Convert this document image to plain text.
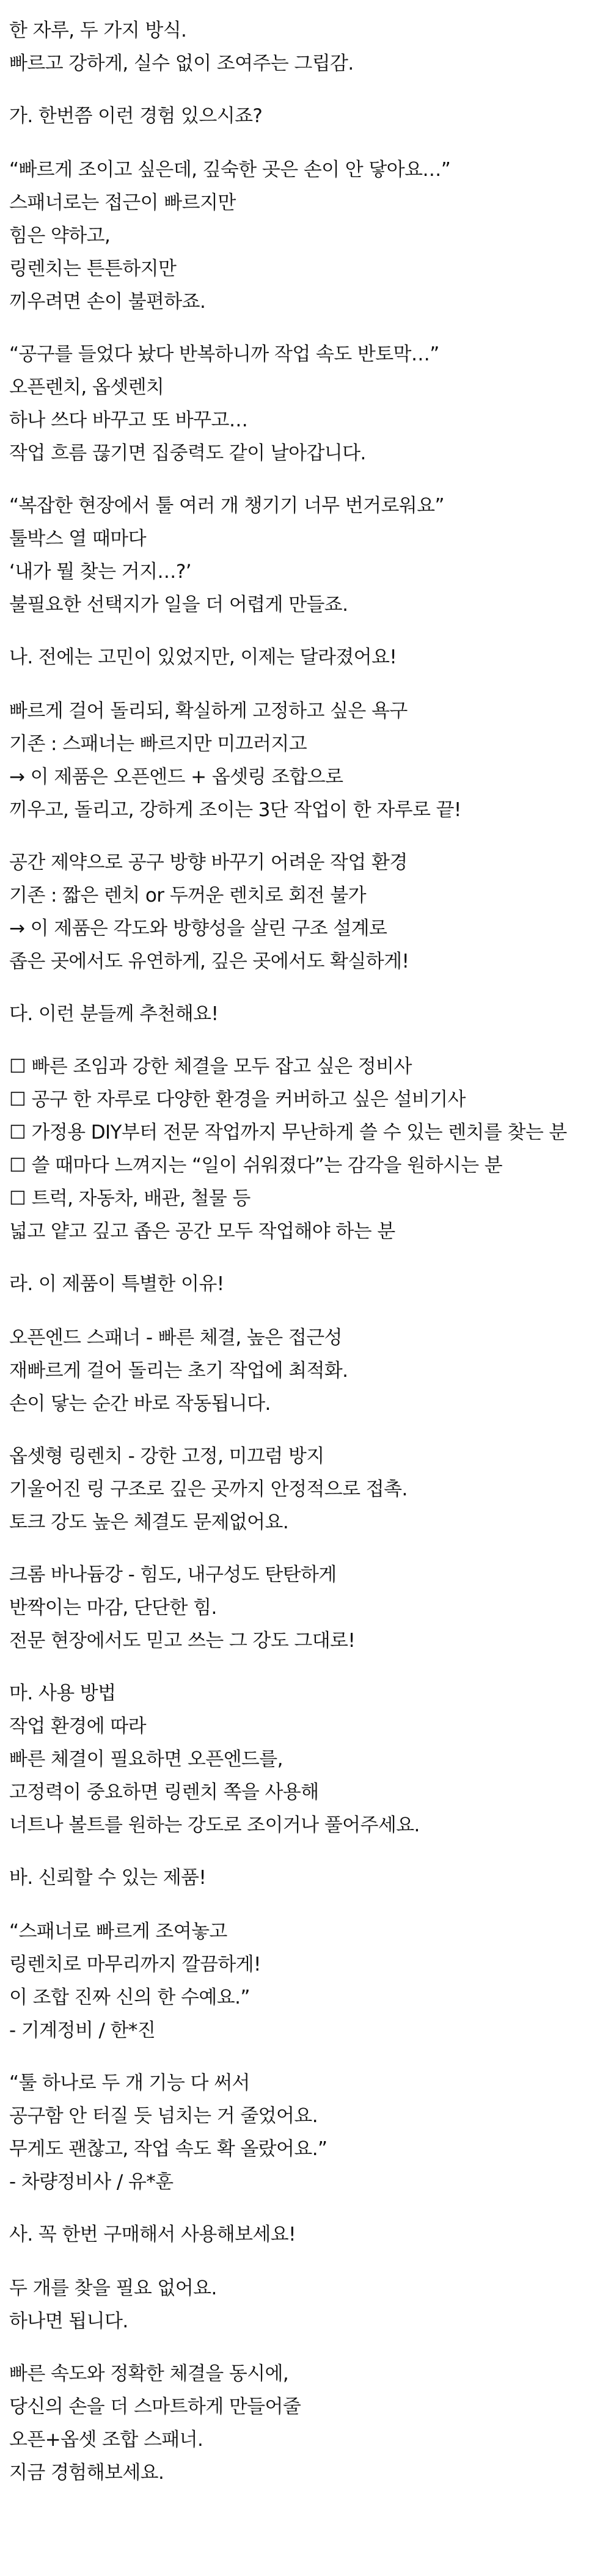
한 자루, 두 가지 방식.

빠르고 강하게, 실수 없이 조여주는 그립감.

가. 한번쯤 이런 경험 있으시죠?

“빠르게 조이고 싶은데, 깊숙한 곳은 손이 안 닿아요…”

스패너로는 접근이 빠르지만

힘은 약하고,

링렌치는 튼튼하지만

끼우려면 손이 불편하죠.

“공구를 들었다 놨다 반복하니까 작업 속도 반토막…”

오픈렌치, 옵셋렌치

하나 쓰다 바꾸고 또 바꾸고…

작업 흐름 끊기면 집중력도 같이 날아갑니다.

“복잡한 현장에서 툴 여러 개 챙기기 너무 번거로워요”

툴박스 열 때마다

‘내가 뭘 찾는 거지…?’

불필요한 선택지가 일을 더 어렵게 만들죠.

나. 전에는 고민이 있었지만, 이제는 달라졌어요!

빠르게 걸어 돌리되, 확실하게 고정하고 싶은 욕구

기존 : 스패너는 빠르지만 미끄러지고

→ 이 제품은 오픈엔드 + 옵셋링 조합으로

끼우고, 돌리고, 강하게 조이는 3단 작업이 한 자루로 끝!

공간 제약으로 공구 방향 바꾸기 어려운 작업 환경

기존 : 짧은 렌치 or 두꺼운 렌치로 회전 불가

→ 이 제품은 각도와 방향성을 살린 구조 설계로

좁은 곳에서도 유연하게, 깊은 곳에서도 확실하게!

다. 이런 분들께 추천해요!

☐ 빠른 조임과 강한 체결을 모두 잡고 싶은 정비사

☐ 공구 한 자루로 다양한 환경을 커버하고 싶은 설비기사

☐ 가정용 DIY부터 전문 작업까지 무난하게 쓸 수 있는 렌치를 찾는 분

☐ 쓸 때마다 느껴지는 “일이 쉬워졌다”는 감각을 원하시는 분

☐ 트럭, 자동차, 배관, 철물 등

넓고 얕고 깊고 좁은 공간 모두 작업해야 하는 분

라. 이 제품이 특별한 이유!

오픈엔드 스패너 - 빠른 체결, 높은 접근성

재빠르게 걸어 돌리는 초기 작업에 최적화.

손이 닿는 순간 바로 작동됩니다.

옵셋형 링렌치 - 강한 고정, 미끄럼 방지

기울어진 링 구조로 깊은 곳까지 안정적으로 접촉.

토크 강도 높은 체결도 문제없어요.

크롬 바나듐강 - 힘도, 내구성도 탄탄하게

반짝이는 마감, 단단한 힘.

전문 현장에서도 믿고 쓰는 그 강도 그대로!

마. 사용 방법

작업 환경에 따라

빠른 체결이 필요하면 오픈엔드를,

고정력이 중요하면 링렌치 쪽을 사용해

너트나 볼트를 원하는 강도로 조이거나 풀어주세요.

바. 신뢰할 수 있는 제품!

“스패너로 빠르게 조여놓고

링렌치로 마무리까지 깔끔하게!

이 조합 진짜 신의 한 수예요.”

- 기계정비 / 한*진

“툴 하나로 두 개 기능 다 써서

공구함 안 터질 듯 넘치는 거 줄었어요.

무게도 괜찮고, 작업 속도 확 올랐어요.”

- 차량정비사 / 유*훈

사. 꼭 한번 구매해서 사용해보세요!

두 개를 찾을 필요 없어요.

하나면 됩니다.

빠른 속도와 정확한 체결을 동시에,

당신의 손을 더 스마트하게 만들어줄

오픈+옵셋 조합 스패너.

지금 경험해보세요.
